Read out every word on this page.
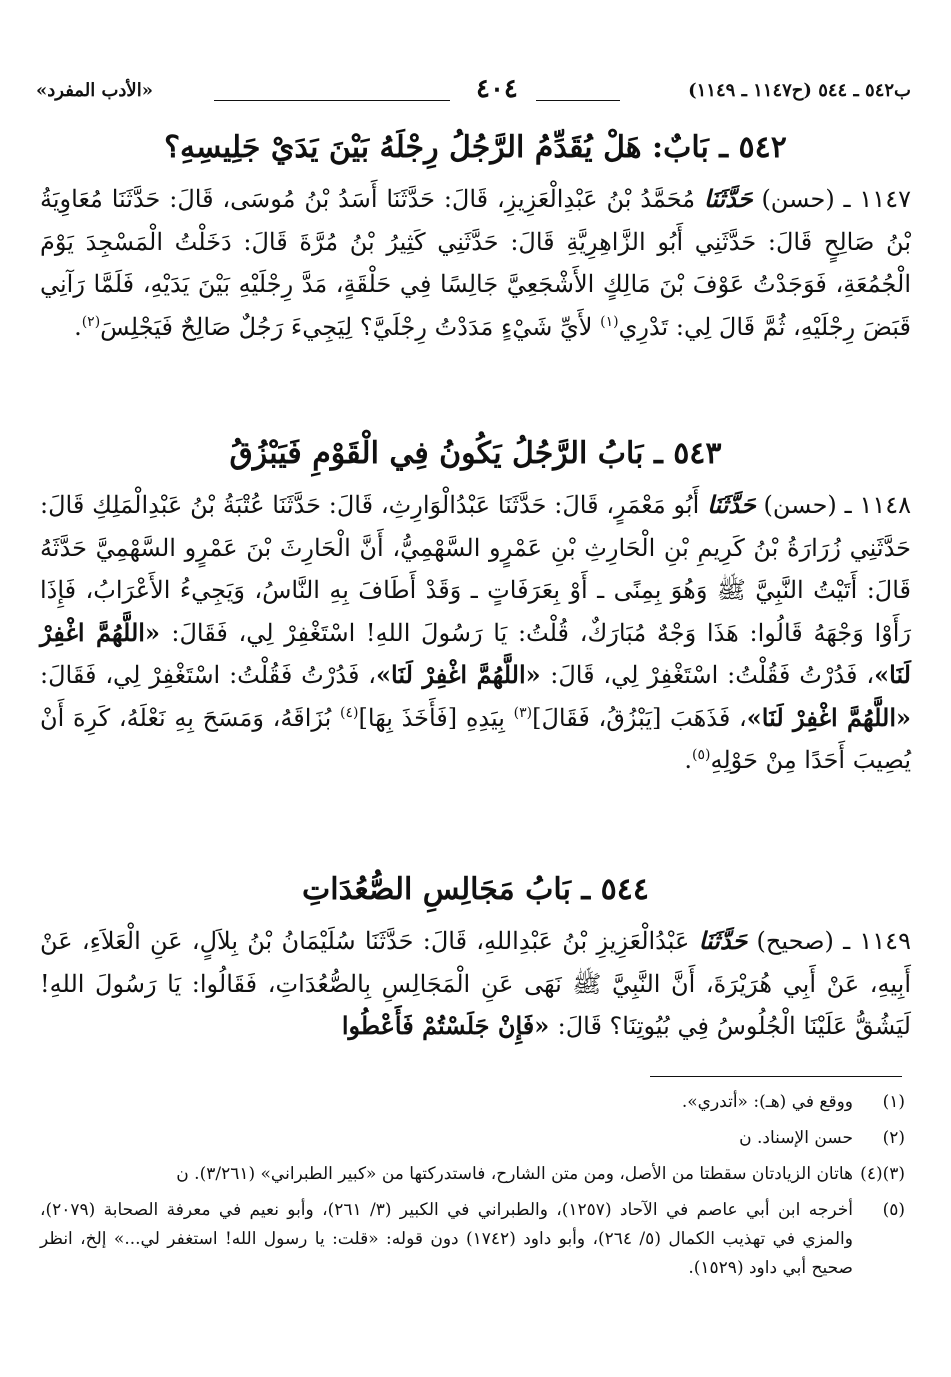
ب٥٤٢ ـ ٥٤٤ (ح١١٤٧ ـ ١١٤٩)
٤٠٤
«الأدب المفرد»
٥٤٢ ـ بَابٌ: هَلْ يُقَدِّمُ الرَّجُلُ رِجْلَهُ بَيْنَ يَدَيْ جَلِيسِهِ؟
١١٤٧ ـ (حسن) حَدَّثَنَا مُحَمَّدُ بْنُ عَبْدِالْعَزِيزِ، قَالَ: حَدَّثَنَا أَسَدُ بْنُ مُوسَى، قَالَ: حَدَّثَنَا مُعَاوِيَةُ بْنُ صَالِحٍ قَالَ: حَدَّثَنِي أَبُو الزَّاهِرِيَّةِ قَالَ: حَدَّثَنِي كَثِيرُ بْنُ مُرَّةَ قَالَ: دَخَلْتُ الْمَسْجِدَ يَوْمَ الْجُمُعَةِ، فَوَجَدْتُ عَوْفَ بْنَ مَالِكٍ الأَشْجَعِيَّ جَالِسًا فِي حَلْقَةٍ، مَدَّ رِجْلَيْهِ بَيْنَ يَدَيْهِ، فَلَمَّا رَآنِي قَبَضَ رِجْلَيْهِ، ثُمَّ قَالَ لِي: تَدْرِي$^{(١)}$ لأَيِّ شَيْءٍ مَدَدْتُ رِجْلَيَّ؟ لِيَجِيءَ رَجُلٌ صَالِحٌ فَيَجْلِسَ$^{(٢)}$.
٥٤٣ ـ بَابُ الرَّجُلُ يَكُونُ فِي الْقَوْمِ فَيَبْزُقُ
١١٤٨ ـ (حسن) حَدَّثَنَا أَبُو مَعْمَرٍ، قَالَ: حَدَّثَنَا عَبْدُالْوَارِثِ، قَالَ: حَدَّثَنَا عُتْبَةُ بْنُ عَبْدِالْمَلِكِ قَالَ: حَدَّثَنِي زُرَارَةُ بْنُ كَرِيمِ بْنِ الْحَارِثِ بْنِ عَمْرٍو السَّهْمِيُّ، أَنَّ الْحَارِثَ بْنَ عَمْرٍو السَّهْمِيَّ حَدَّثَهُ قَالَ: أَتَيْتُ النَّبِيَّ ﷺ وَهُوَ بِمِنًى ـ أَوْ بِعَرَفَاتٍ ـ وَقَدْ أَطَافَ بِهِ النَّاسُ، وَيَجِيءُ الأَعْرَابُ، فَإِذَا رَأَوْا وَجْهَهُ قَالُوا: هَذَا وَجْهٌ مُبَارَكٌ، قُلْتُ: يَا رَسُولَ اللهِ! اسْتَغْفِرْ لِي، فَقَالَ: «اللَّهُمَّ اغْفِرْ لَنَا»، فَدُرْتُ فَقُلْتُ: اسْتَغْفِرْ لِي، قَالَ: «اللَّهُمَّ اغْفِرْ لَنَا»، فَدُرْتُ فَقُلْتُ: اسْتَغْفِرْ لِي، فَقَالَ: «اللَّهُمَّ اغْفِرْ لَنَا»، فَذَهَبَ [يَبْزُقُ، فَقَالَ]$^{(٣)}$ بِيَدِهِ [فَأَخَذَ بِهَا]$^{(٤)}$ بُزَاقَهُ، وَمَسَحَ بِهِ نَعْلَهُ، كَرِهَ أَنْ يُصِيبَ أَحَدًا مِنْ حَوْلِهِ$^{(٥)}$.
٥٤٤ ـ بَابُ مَجَالِسِ الصُّعُدَاتِ
١١٤٩ ـ (صحيح) حَدَّثَنَا عَبْدُالْعَزِيزِ بْنُ عَبْدِاللهِ، قَالَ: حَدَّثَنَا سُلَيْمَانُ بْنُ بِلاَلٍ، عَنِ الْعَلاَءِ، عَنْ أَبِيهِ، عَنْ أَبِي هُرَيْرَةَ، أَنَّ النَّبِيَّ ﷺ نَهَى عَنِ الْمَجَالِسِ بِالصُّعُدَاتِ، فَقَالُوا: يَا رَسُولَ اللهِ! لَيَشُقُّ عَلَيْنَا الْجُلُوسُ فِي بُيُوتِنَا؟ قَالَ: «فَإِنْ جَلَسْتُمْ فَأَعْطُوا
(١)
ووقع في (هـ): «أتدري».
(٢)
حسن الإسناد. ن
(٣)(٤)
هاتان الزيادتان سقطتا من الأصل، ومن متن الشارح، فاستدركتها من «كبير الطبراني» (٣/٢٦١). ن
(٥)
أخرجه ابن أبي عاصم في الآحاد (١٢٥٧)، والطبراني في الكبير (٣/ ٢٦١)، وأبو نعيم في معرفة الصحابة (٢٠٧٩)، والمزي في تهذيب الكمال (٥/ ٢٦٤)، وأبو داود (١٧٤٢) دون قوله: «قلت: يا رسول الله! استغفر لي...» إلخ، انظر صحيح أبي داود (١٥٢٩).
